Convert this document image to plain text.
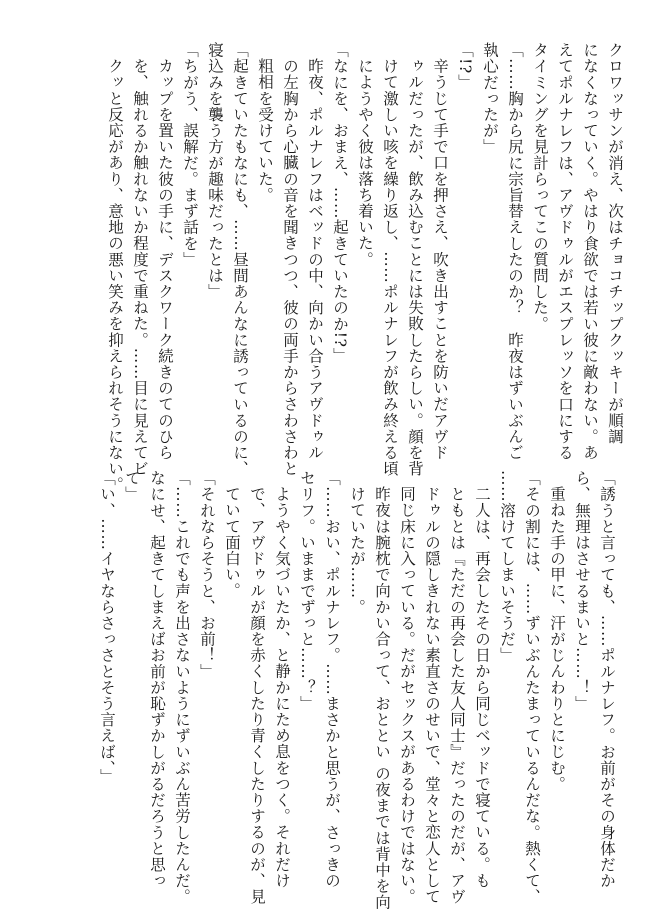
クロワッサンが消え、次はチョコチップクッキーが順調
になくなっていく。やはり食欲では若い彼に敵わない。あ
えてポルナレフは、アヴドゥルがエスプレッソを口にする
タイミングを見計らってこの質問した。
「……胸から尻に宗旨替えしたのか？　昨夜はずいぶんご
執心だったが」
「!?」
辛うじて手で口を押さえ、吹き出すことを防いだアヴド
ゥルだったが、飲み込むことには失敗したらしい。顔を背
けて激しい咳を繰り返し、……ポルナレフが飲み終える頃
にようやく彼は落ち着いた。
「なにを、おまえ、……起きていたのか!?」
昨夜、ポルナレフはベッドの中、向かい合うアヴドゥル
の左胸から心臓の音を聞きつつ、彼の両手からさわさわと
粗相を受けていた。
「起きていたもなにも、……昼間あんなに誘っているのに、
寝込みを襲う方が趣味だったとは」
「ちがう、誤解だ。まず話を」
カップを置いた彼の手に、デスクワーク続きのてのひら
を、触れるか触れないか程度で重ねた。……目に見えてビ
クッと反応があり、意地の悪い笑みを抑えられそうにない。
「誘うと言っても、……ポルナレフ。お前がその身体だか
ら、無理はさせるまいと……！」
重ねた手の甲に、汗がじんわりとにじむ。
「その割には、……ずいぶんたまっているんだな。熱くて、
……溶けてしまいそうだ」
二人は、再会したその日から同じベッドで寝ている。も
ともとは『ただの再会した友人同士』だったのだが、アヴ
ドゥルの隠しきれない素直さのせいで、堂々と恋人として
同じ床に入っている。だがセックスがあるわけではない。
昨夜は腕枕で向かい合って、おととい の夜までは背中を向
けていたが……。
「……おい、ポルナレフ。……まさかと思うが、さっきの
セリフ。いままでずっと……？」
ようやく気づいたか、と静かにため息をつく。それだけ
で、アヴドゥルが顔を赤くしたり青くしたりするのが、見
ていて面白い。
「それならそうと、お前！」
「……これでも声を出さないようにずいぶん苦労したんだ。
なにせ、起きてしまえばお前が恥ずかしがるだろうと思っ
て」
「い、……イヤならさっさとそう言えば、」
